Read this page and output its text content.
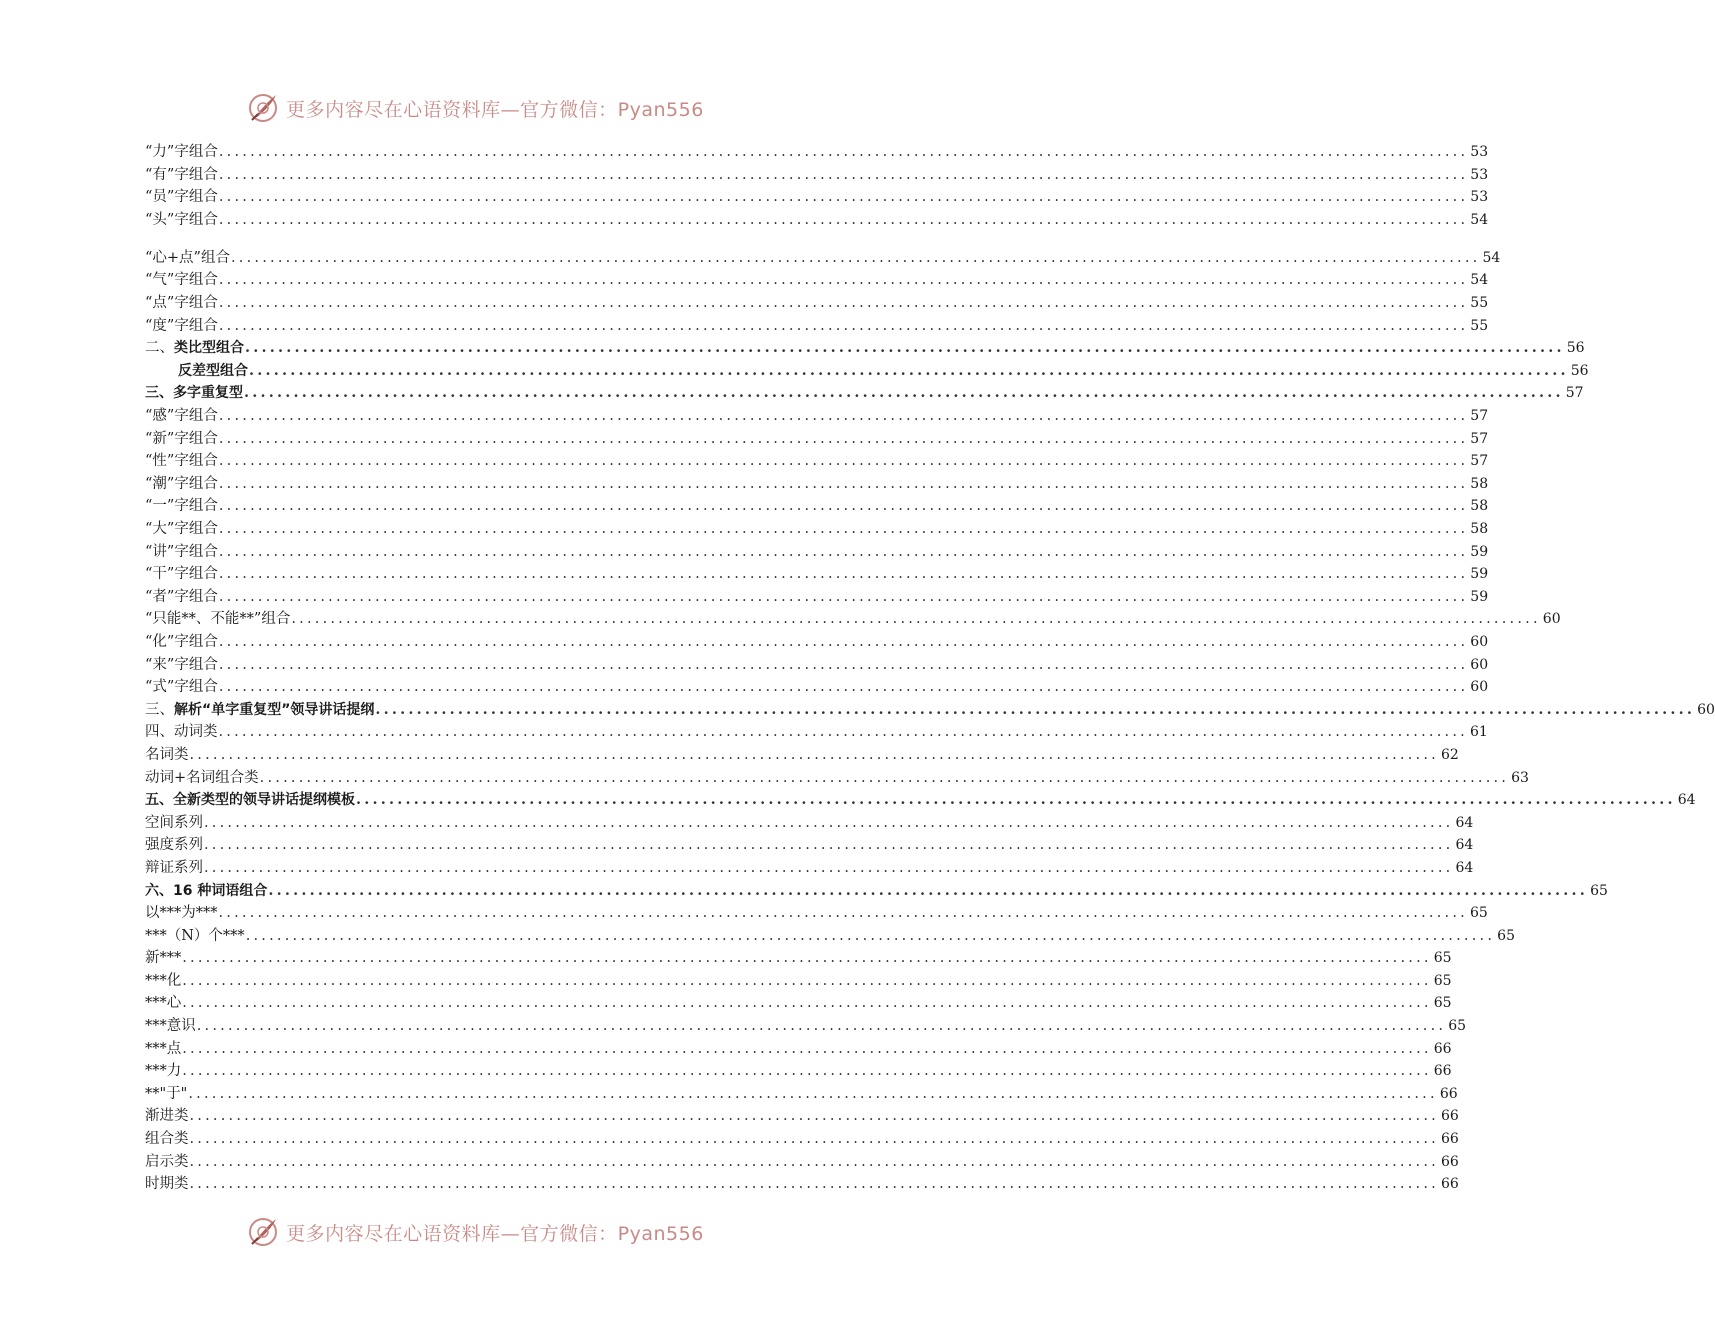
更多内容尽在心语资料库—官方微信：Pyan556
“力”字组合 ................................................................................................................................................................ 53
“有”字组合 ................................................................................................................................................................ 53
“员”字组合 ................................................................................................................................................................ 53
“头”字组合 ................................................................................................................................................................ 54
“心+点”组合 ................................................................................................................................................................ 54
“气”字组合 ................................................................................................................................................................ 54
“点”字组合 ................................................................................................................................................................ 55
“度”字组合 ................................................................................................................................................................ 55
二、类比型组合 ................................................................................................................................................................ 56
反差型组合 ................................................................................................................................................................ 56
三、多字重复型 ................................................................................................................................................................ 57
“感”字组合 ................................................................................................................................................................ 57
“新”字组合 ................................................................................................................................................................ 57
“性”字组合 ................................................................................................................................................................ 57
“潮”字组合 ................................................................................................................................................................ 58
“一”字组合 ................................................................................................................................................................ 58
“大”字组合 ................................................................................................................................................................ 58
“讲”字组合 ................................................................................................................................................................ 59
“干”字组合 ................................................................................................................................................................ 59
“者”字组合 ................................................................................................................................................................ 59
“只能**、不能**”组合 ................................................................................................................................................................ 60
“化”字组合 ................................................................................................................................................................ 60
“来”字组合 ................................................................................................................................................................ 60
“式”字组合 ................................................................................................................................................................ 60
三、解析“单字重复型”领导讲话提纲 ................................................................................................................................................................ 60
四、动词类 ................................................................................................................................................................ 61
名词类 ................................................................................................................................................................ 62
动词+名词组合类 ................................................................................................................................................................ 63
五、全新类型的领导讲话提纲模板 ................................................................................................................................................................ 64
空间系列 ................................................................................................................................................................ 64
强度系列 ................................................................................................................................................................ 64
辩证系列 ................................................................................................................................................................ 64
六、16 种词语组合 ................................................................................................................................................................ 65
以***为*** ................................................................................................................................................................ 65
***（N）个*** ................................................................................................................................................................ 65
新*** ................................................................................................................................................................ 65
***化 ................................................................................................................................................................ 65
***心 ................................................................................................................................................................ 65
***意识 ................................................................................................................................................................ 65
***点 ................................................................................................................................................................ 66
***力 ................................................................................................................................................................ 66
**"于" ................................................................................................................................................................ 66
渐进类 ................................................................................................................................................................ 66
组合类 ................................................................................................................................................................ 66
启示类 ................................................................................................................................................................ 66
时期类 ................................................................................................................................................................ 66
更多内容尽在心语资料库—官方微信：Pyan556
